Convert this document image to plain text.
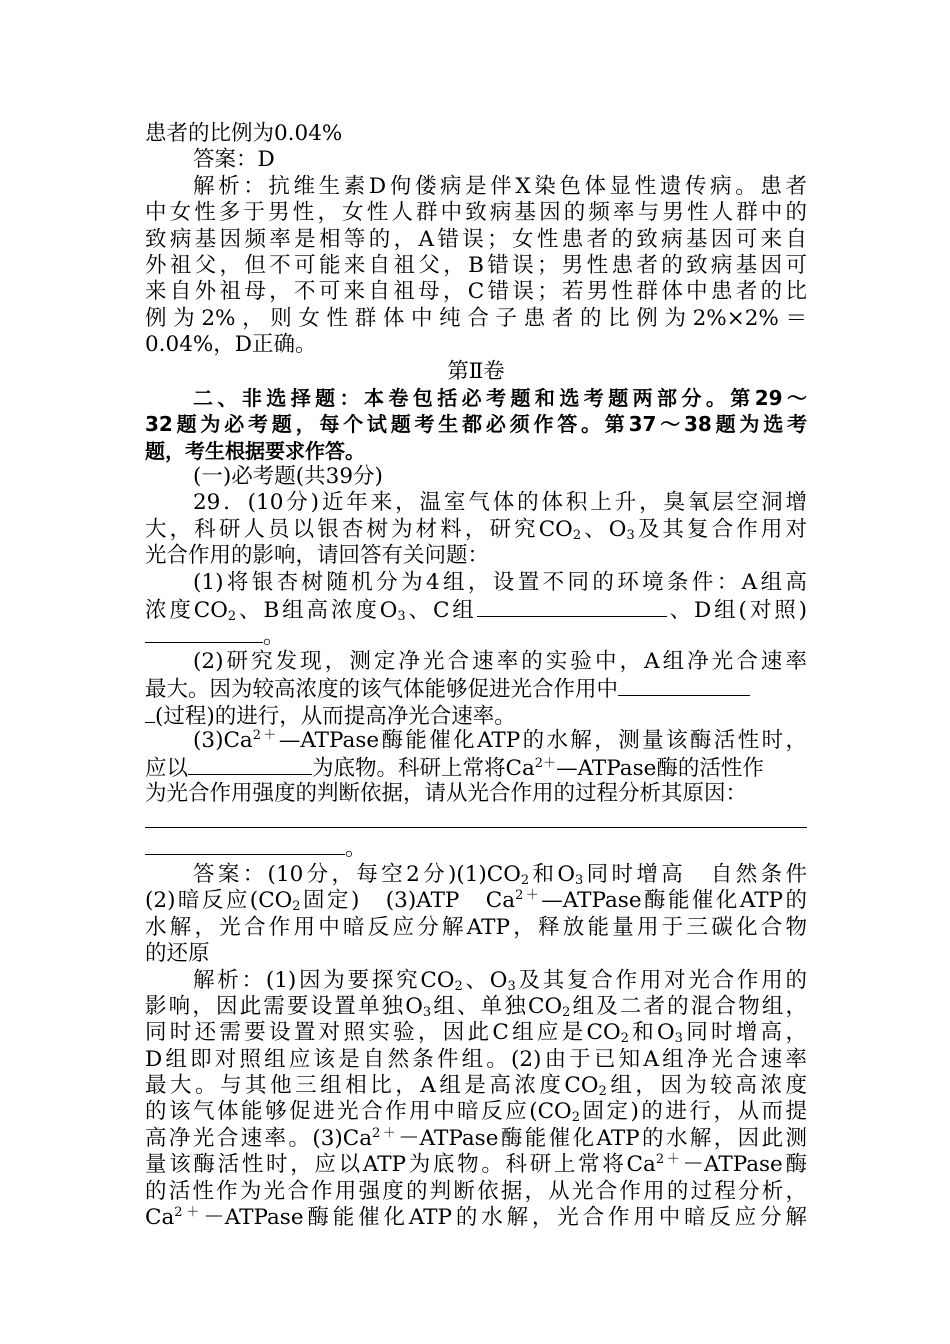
患者的比例为0.04%
答案：D
解析：抗维生素D佝偻病是伴X染色体显性遗传病。患者
中女性多于男性，女性人群中致病基因的频率与男性人群中的
致病基因频率是相等的，A错误；女性患者的致病基因可来自
外祖父，但不可能来自祖父，B错误；男性患者的致病基因可
来自外祖母，不可来自祖母，C错误；若男性群体中患者的比
例为2%，则女性群体中纯合子患者的比例为2%×2%＝
0.04%，D正确。
第Ⅱ卷
二、非选择题：本卷包括必考题和选考题两部分。第29～
32题为必考题，每个试题考生都必须作答。第37～38题为选考
题，考生根据要求作答。
(一)必考题(共39分)
29．(10分)近年来，温室气体的体积上升，臭氧层空洞增
大，科研人员以银杏树为材料，研究$CO_2$、$O_3$及其复合作用对
光合作用的影响，请回答有关问题：
(1)将银杏树随机分为4组，设置不同的环境条件：A组高
浓度$CO_2$、B组高浓度$O_3$、C组	、D组(对照)
。
(2)研究发现，测定净光合速率的实验中，A组净光合速率
最大。因为较高浓度的该气体能够促进光合作用中
(过程)的进行，从而提高净光合速率。
$(3)Ca^{2+}—ATPase$酶能催化ATP的水解，测量该酶活性时，
应以	为底物。科研上常将$Ca^{2+}—ATPase$酶的活性作
为光合作用强度的判断依据，请从光合作用的过程分析其原因：
。
答案：(10分，每空2分)$(1)CO_2$和$O_3$同时增高　自然条件
(2)暗反应($CO_2$固定)　(3)ATP　$Ca^{2+}—ATPase$酶能催化ATP的
水解，光合作用中暗反应分解ATP，释放能量用于三碳化合物
的还原
解析：(1)因为要探究$CO_2$、$O_3$及其复合作用对光合作用的
影响，因此需要设置单独$O_3$组、单独$CO_2$组及二者的混合物组，
同时还需要设置对照实验，因此C组应是$CO_2$和$O_3$同时增高，
D组即对照组应该是自然条件组。(2)由于已知A组净光合速率
最大。与其他三组相比，A组是高浓度$CO_2$组，因为较高浓度
的该气体能够促进光合作用中暗反应($CO_2$固定)的进行，从而提
高净光合速率。$(3)Ca^{2+}-ATPase$酶能催化ATP的水解，因此测
量该酶活性时，应以ATP为底物。科研上常将$Ca^{2+}-ATPase$酶
的活性作为光合作用强度的判断依据，从光合作用的过程分析，
$Ca^{2+}-ATPase$酶能催化ATP的水解，光合作用中暗反应分解
